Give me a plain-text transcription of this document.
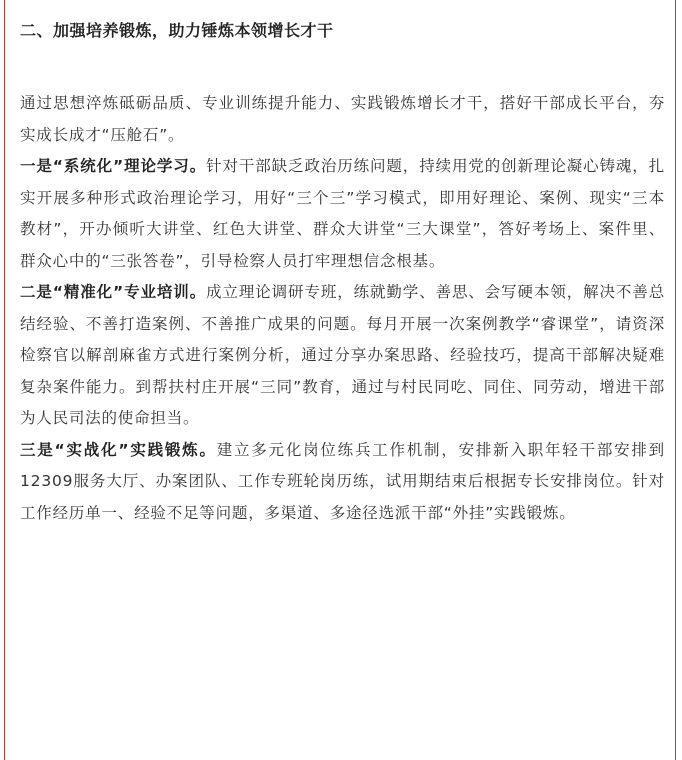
二、加强培养锻炼，助力锤炼本领增长才干

通过思想淬炼砥砺品质、专业训练提升能力、实践锻炼增长才干，搭好干部成长平台，夯实成长成才“压舱石”。

一是“系统化”理论学习。针对干部缺乏政治历练问题，持续用党的创新理论凝心铸魂，扎实开展多种形式政治理论学习，用好“三个三”学习模式，即用好理论、案例、现实“三本教材”，开办倾听大讲堂、红色大讲堂、群众大讲堂“三大课堂”，答好考场上、案件里、群众心中的“三张答卷”，引导检察人员打牢理想信念根基。

二是“精准化”专业培训。成立理论调研专班，练就勤学、善思、会写硬本领，解决不善总结经验、不善打造案例、不善推广成果的问题。每月开展一次案例教学“睿课堂”，请资深检察官以解剖麻雀方式进行案例分析，通过分享办案思路、经验技巧，提高干部解决疑难复杂案件能力。到帮扶村庄开展“三同”教育，通过与村民同吃、同住、同劳动，增进干部为人民司法的使命担当。

三是“实战化”实践锻炼。建立多元化岗位练兵工作机制，安排新入职年轻干部安排到12309服务大厅、办案团队、工作专班轮岗历练，试用期结束后根据专长安排岗位。针对工作经历单一、经验不足等问题，多渠道、多途径选派干部“外挂”实践锻炼。
